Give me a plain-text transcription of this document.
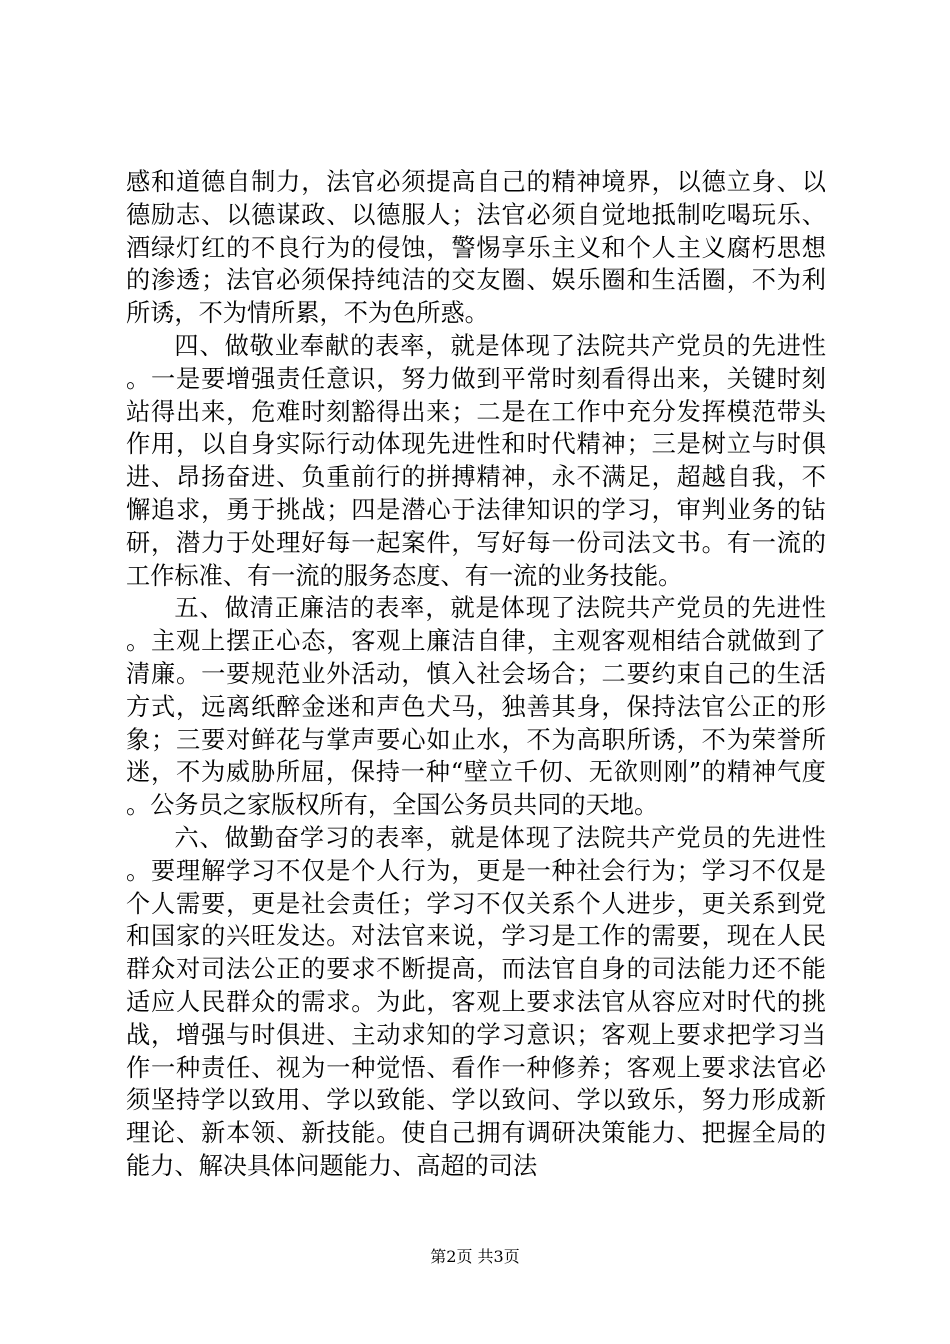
感和道德自制力，法官必须提高自己的精神境界，以德立身、以德励志、以德谋政、以德服人；法官必须自觉地抵制吃喝玩乐、酒绿灯红的不良行为的侵蚀，警惕享乐主义和个人主义腐朽思想的渗透；法官必须保持纯洁的交友圈、娱乐圈和生活圈，不为利所诱，不为情所累，不为色所惑。

四、做敬业奉献的表率，就是体现了法院共产党员的先进性。一是要增强责任意识，努力做到平常时刻看得出来，关键时刻站得出来，危难时刻豁得出来；二是在工作中充分发挥模范带头作用，以自身实际行动体现先进性和时代精神；三是树立与时俱进、昂扬奋进、负重前行的拼搏精神，永不满足，超越自我，不懈追求，勇于挑战；四是潜心于法律知识的学习，审判业务的钻研，潜力于处理好每一起案件，写好每一份司法文书。有一流的工作标准、有一流的服务态度、有一流的业务技能。

五、做清正廉洁的表率，就是体现了法院共产党员的先进性。主观上摆正心态，客观上廉洁自律，主观客观相结合就做到了清廉。一要规范业外活动，慎入社会场合；二要约束自己的生活方式，远离纸醉金迷和声色犬马，独善其身，保持法官公正的形象；三要对鲜花与掌声要心如止水，不为高职所诱，不为荣誉所迷，不为威胁所屈，保持一种“壁立千仞、无欲则刚”的精神气度。公务员之家版权所有，全国公务员共同的天地。

六、做勤奋学习的表率，就是体现了法院共产党员的先进性。要理解学习不仅是个人行为，更是一种社会行为；学习不仅是个人需要，更是社会责任；学习不仅关系个人进步，更关系到党和国家的兴旺发达。对法官来说，学习是工作的需要，现在人民群众对司法公正的要求不断提高，而法官自身的司法能力还不能适应人民群众的需求。为此，客观上要求法官从容应对时代的挑战，增强与时俱进、主动求知的学习意识；客观上要求把学习当作一种责任、视为一种觉悟、看作一种修养；客观上要求法官必须坚持学以致用、学以致能、学以致问、学以致乐，努力形成新理论、新本领、新技能。使自己拥有调研决策能力、把握全局的能力、解决具体问题能力、高超的司法

第2页 共3页
